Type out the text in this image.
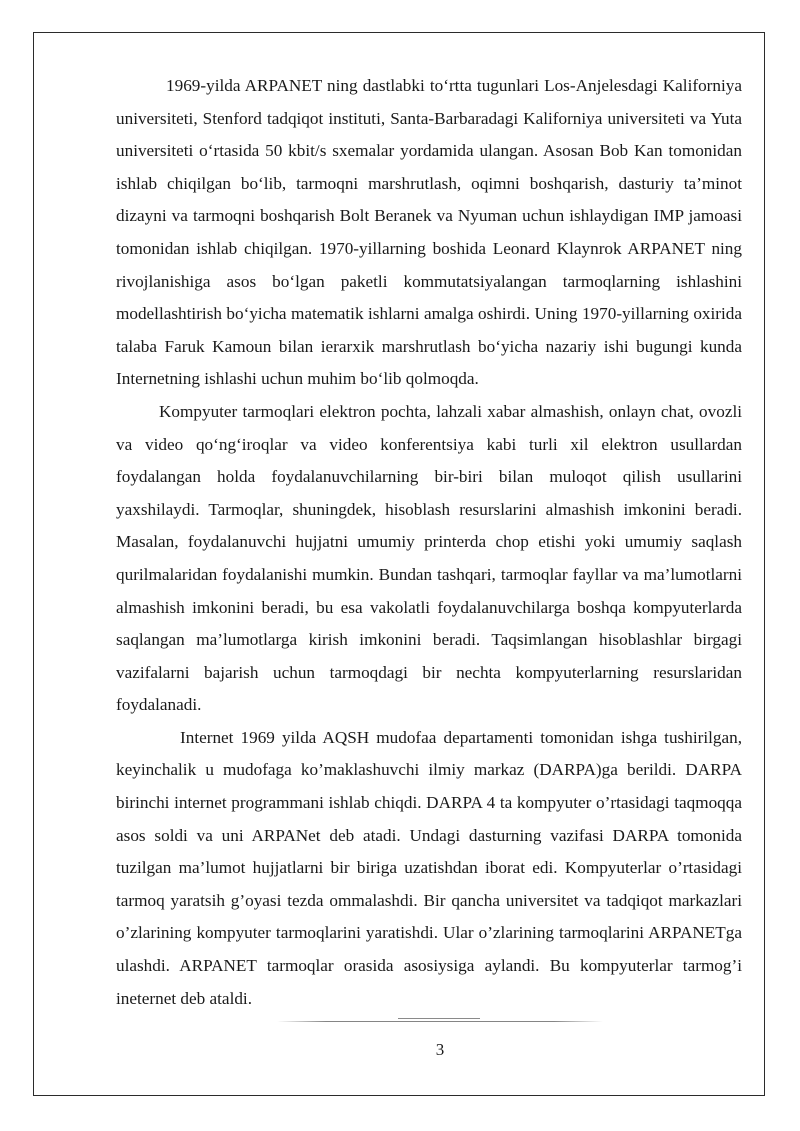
1969-yilda ARPANET ning dastlabki to‘rtta tugunlari Los-Anjelesdagi Kaliforniya universiteti, Stenford tadqiqot instituti, Santa-Barbaradagi Kaliforniya universiteti va Yuta universiteti o‘rtasida 50 kbit/s sxemalar yordamida ulangan. Asosan Bob Kan tomonidan ishlab chiqilgan bo‘lib, tarmoqni marshrutlash, oqimni boshqarish, dasturiy ta’minot dizayni va tarmoqni boshqarish Bolt Beranek va Nyuman uchun ishlaydigan IMP jamoasi tomonidan ishlab chiqilgan. 1970-yillarning boshida Leonard Klaynrok ARPANET ning rivojlanishiga asos bo‘lgan paketli kommutatsiyalangan tarmoqlarning ishlashini modellashtirish bo‘yicha matematik ishlarni amalga oshirdi. Uning 1970-yillarning oxirida talaba Faruk Kamoun bilan ierarxik marshrutlash bo‘yicha nazariy ishi bugungi kunda Internetning ishlashi uchun muhim bo‘lib qolmoqda.

Kompyuter tarmoqlari elektron pochta, lahzali xabar almashish, onlayn chat, ovozli va video qo‘ng‘iroqlar va video konferentsiya kabi turli xil elektron usullardan foydalangan holda foydalanuvchilarning bir-biri bilan muloqot qilish usullarini yaxshilaydi. Tarmoqlar, shuningdek, hisoblash resurslarini almashish imkonini beradi. Masalan, foydalanuvchi hujjatni umumiy printerda chop etishi yoki umumiy saqlash qurilmalaridan foydalanishi mumkin. Bundan tashqari, tarmoqlar fayllar va ma’lumotlarni almashish imkonini beradi, bu esa vakolatli foydalanuvchilarga boshqa kompyuterlarda saqlangan ma’lumotlarga kirish imkonini beradi. Taqsimlangan hisoblashlar birgagi vazifalarni bajarish uchun tarmoqdagi bir nechta kompyuterlarning resurslaridan foydalanadi.

Internet 1969 yilda AQSH mudofaa departamenti tomonidan ishga tushirilgan, keyinchalik u mudofaga ko’maklashuvchi ilmiy markaz (DARPA)ga berildi. DARPA birinchi internet programmani ishlab chiqdi. DARPA 4 ta kompyuter o’rtasidagi taqmoqqa asos soldi va uni ARPANet deb atadi. Undagi dasturning vazifasi DARPA tomonida tuzilgan ma’lumot hujjatlarni bir biriga uzatishdan iborat edi. Kompyuterlar o’rtasidagi tarmoq yaratsih g’oyasi tezda ommalashdi. Bir qancha universitet va tadqiqot markazlari o’zlarining kompyuter tarmoqlarini yaratishdi. Ular o’zlarining tarmoqlarini ARPANETga ulashdi. ARPANET tarmoqlar orasida asosiysiga aylandi. Bu kompyuterlar tarmog’i ineternet deb ataldi.

3
